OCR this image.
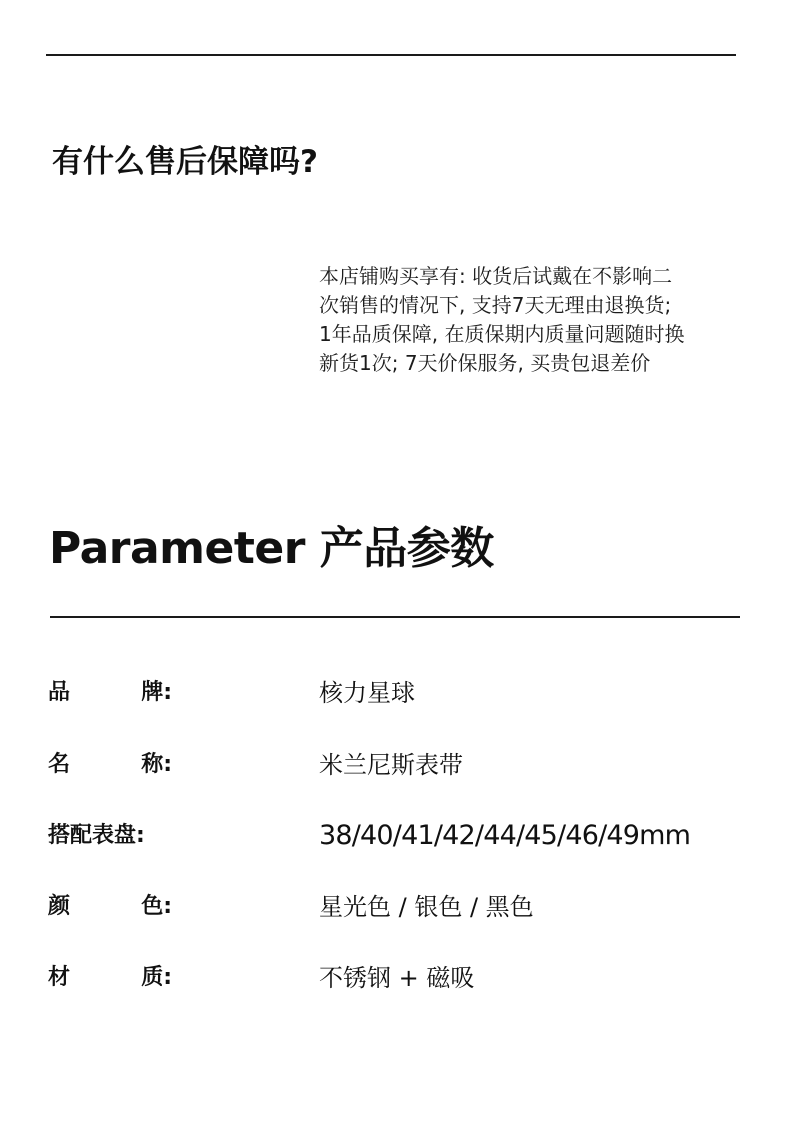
有什么售后保障吗?
本店铺购买享有: 收货后试戴在不影响二
次销售的情况下, 支持7天无理由退换货;
1年品质保障, 在质保期内质量问题随时换
新货1次; 7天价保服务, 买贵包退差价
Parameter 产品参数
品	牌:	核力星球
名	称:	米兰尼斯表带
搭配表盘:	38/40/41/42/44/45/46/49mm
颜	色:	星光色 / 银色 / 黑色
材	质:	不锈钢 + 磁吸
